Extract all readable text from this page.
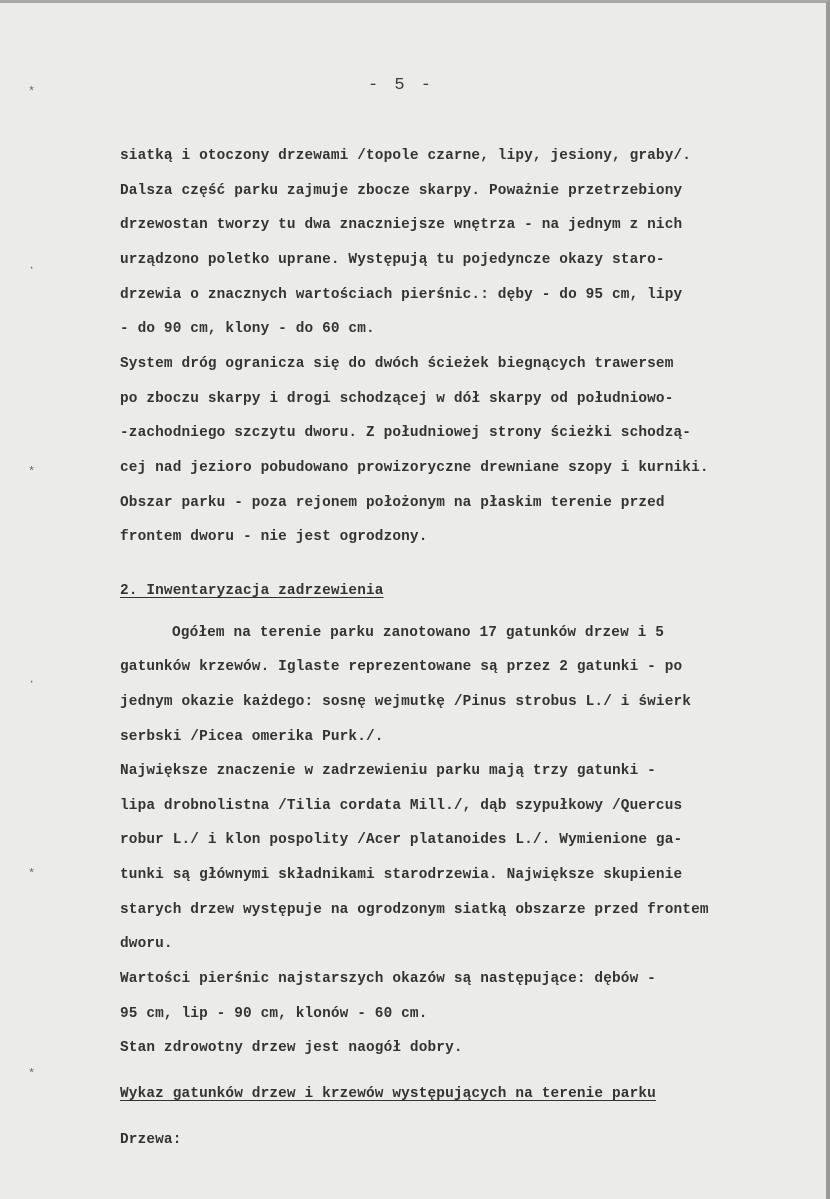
*
·
*
·
*
*
- 5 -
siatką i otoczony drzewami /topole czarne, lipy, jesiony, graby/.
Dalsza część parku zajmuje zbocze skarpy. Poważnie przetrzebiony
drzewostan tworzy tu dwa znaczniejsze wnętrza - na jednym z nich
urządzono poletko uprane. Występują tu pojedyncze okazy staro-
drzewia o znacznych wartościach pierśnic.: dęby - do 95 cm, lipy
- do 90 cm, klony - do 60 cm.
System dróg ogranicza się do dwóch ścieżek biegnących trawersem
po zboczu skarpy i drogi schodzącej w dół skarpy od południowo-
-zachodniego szczytu dworu. Z południowej strony ścieżki schodzą-
cej nad jezioro pobudowano prowizoryczne drewniane szopy i kurniki.
Obszar parku - poza rejonem położonym na płaskim terenie przed
frontem dworu - nie jest ogrodzony.
2. Inwentaryzacja zadrzewienia
Ogółem na terenie parku zanotowano 17 gatunków drzew i 5
gatunków krzewów. Iglaste reprezentowane są przez 2 gatunki - po
jednym okazie każdego: sosnę wejmutkę /Pinus strobus L./ i świerk
serbski /Picea omerika Purk./.
Największe znaczenie w zadrzewieniu parku mają trzy gatunki -
lipa drobnolistna /Tilia cordata Mill./, dąb szypułkowy /Quercus
robur L./ i klon pospolity /Acer platanoides L./. Wymienione ga-
tunki są głównymi składnikami starodrzewia. Największe skupienie
starych drzew występuje na ogrodzonym siatką obszarze przed frontem
dworu.
Wartości pierśnic najstarszych okazów są następujące: dębów -
95 cm, lip - 90 cm, klonów - 60 cm.
Stan zdrowotny drzew jest naogół dobry.
Wykaz gatunków drzew i krzewów występujących na terenie parku
Drzewa:
